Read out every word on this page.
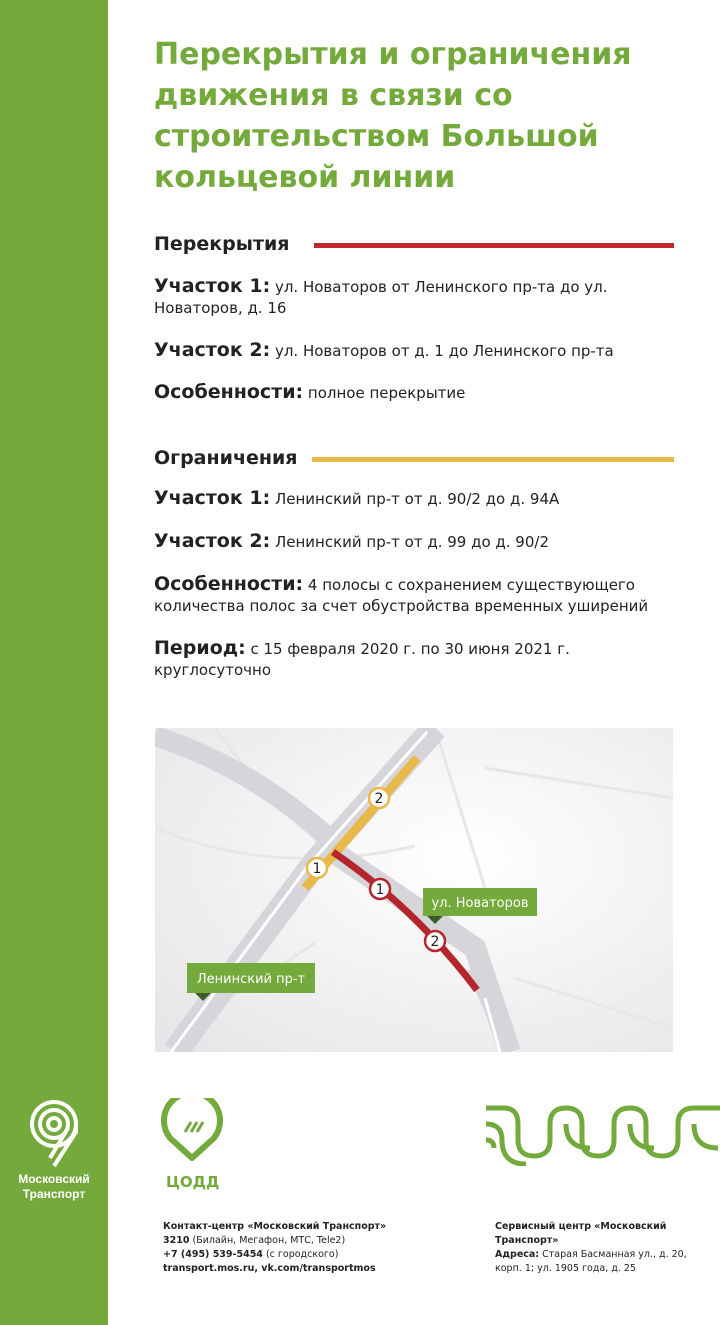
Московский Транспорт
Перекрытия и ограничения движения в связи со строительством Большой кольцевой линии
Перекрытия
Участок 1: ул. Новаторов от Ленинского пр-та до ул. Новаторов, д. 16
Участок 2: ул. Новаторов от д. 1 до Ленинского пр-та
Особенности: полное перекрытие
Ограничения
Участок 1: Ленинский пр-т от д. 90/2 до д. 94А
Участок 2: Ленинский пр-т от д. 99 до д. 90/2
Особенности: 4 полосы с сохранением существующего количества полос за счет обустройства временных уширений
Период: с 15 февраля 2020 г. по 30 июня 2021 г. круглосуточно
2
1
1
2
ул. Новаторов
Ленинский пр-т
ЦОДД
Контакт-центр «Московский Транспорт»
3210 (Билайн, Мегафон, МТС, Tele2)
+7 (495) 539-5454 (с городского)
transport.mos.ru, vk.com/transportmos
Сервисный центр «Московский Транспорт»
Адреса: Старая Басманная ул., д. 20, корп. 1; ул. 1905 года, д. 25
